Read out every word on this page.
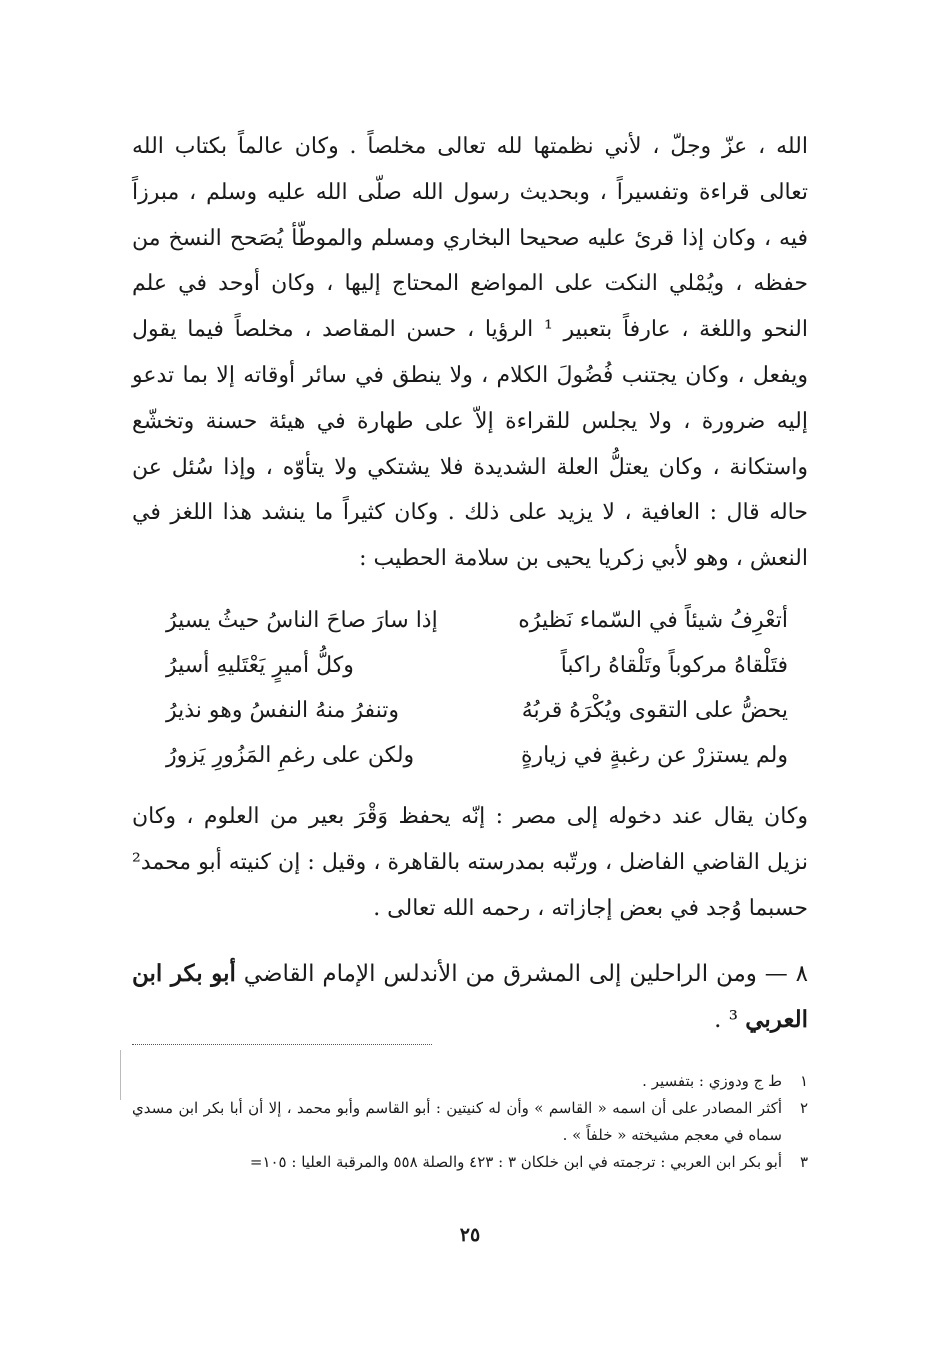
الله ، عزّ وجلّ ، لأني نظمتها لله تعالى مخلصاً . وكان عالماً بكتاب الله تعالى قراءة وتفسيراً ، وبحديث رسول الله صلّى الله عليه وسلم ، مبرزاً فيه ، وكان إذا قرئ عليه صحيحا البخاري ومسلم والموطّأ يُصَحح النسخ من حفظه ، ويُمْلي النكت على المواضع المحتاج إليها ، وكان أوحد في علم النحو واللغة ، عارفاً بتعبير ¹ الرؤيا ، حسن المقاصد ، مخلصاً فيما يقول ويفعل ، وكان يجتنب فُضُولَ الكلام ، ولا ينطق في سائر أوقاته إلا بما تدعو إليه ضرورة ، ولا يجلس للقراءة إلاّ على طهارة في هيئة حسنة وتخشّع واستكانة ، وكان يعتلُّ العلة الشديدة فلا يشتكي ولا يتأوّه ، وإذا سُئل عن حاله قال : العافية ، لا يزيد على ذلك . وكان كثيراً ما ينشد هذا اللغز في النعش ، وهو لأبي زكريا يحيى بن سلامة الحطيب :

أتعْرِفُ شيئاً في السّماء نَظيرُه
إذا سارَ صاحَ الناسُ حيثُ يسيرُ
فتَلْقاهُ مركوباً وتَلْقاهُ راكباً
وكلُّ أميرٍ يَعْتَليهِ أسيرُ
يحضُّ على التقوى ويُكْرَهُ قربُهُ
وتنفرُ منهُ النفسُ وهو نذيرُ
ولم يستزرْ عن رغبةٍ في زيارةٍ
ولكن على رغمِ المَزُورِ يَزورُ

وكان يقال عند دخوله إلى مصر : إنّه يحفظ وَقْرَ بعير من العلوم ، وكان نزيل القاضي الفاضل ، ورتّبه بمدرسته بالقاهرة ، وقيل : إن كنيته أبو محمد² حسبما وُجد في بعض إجازاته ، رحمه الله تعالى .

٨ — ومن الراحلين إلى المشرق من الأندلس الإمام القاضي أبو بكر ابن العربي ³ .

١
ط ج ودوزي : بتفسير .
٢
أكثر المصادر على أن اسمه « القاسم » وأن له كنيتين : أبو القاسم وأبو محمد ، إلا أن أبا بكر ابن مسدي سماه في معجم مشيخته « خلفاً » .
٣
أبو بكر ابن العربي : ترجمته في ابن خلكان ٣ : ٤٢٣ والصلة ٥٥٨ والمرقبة العليا : ١٠٥=
٢٥
